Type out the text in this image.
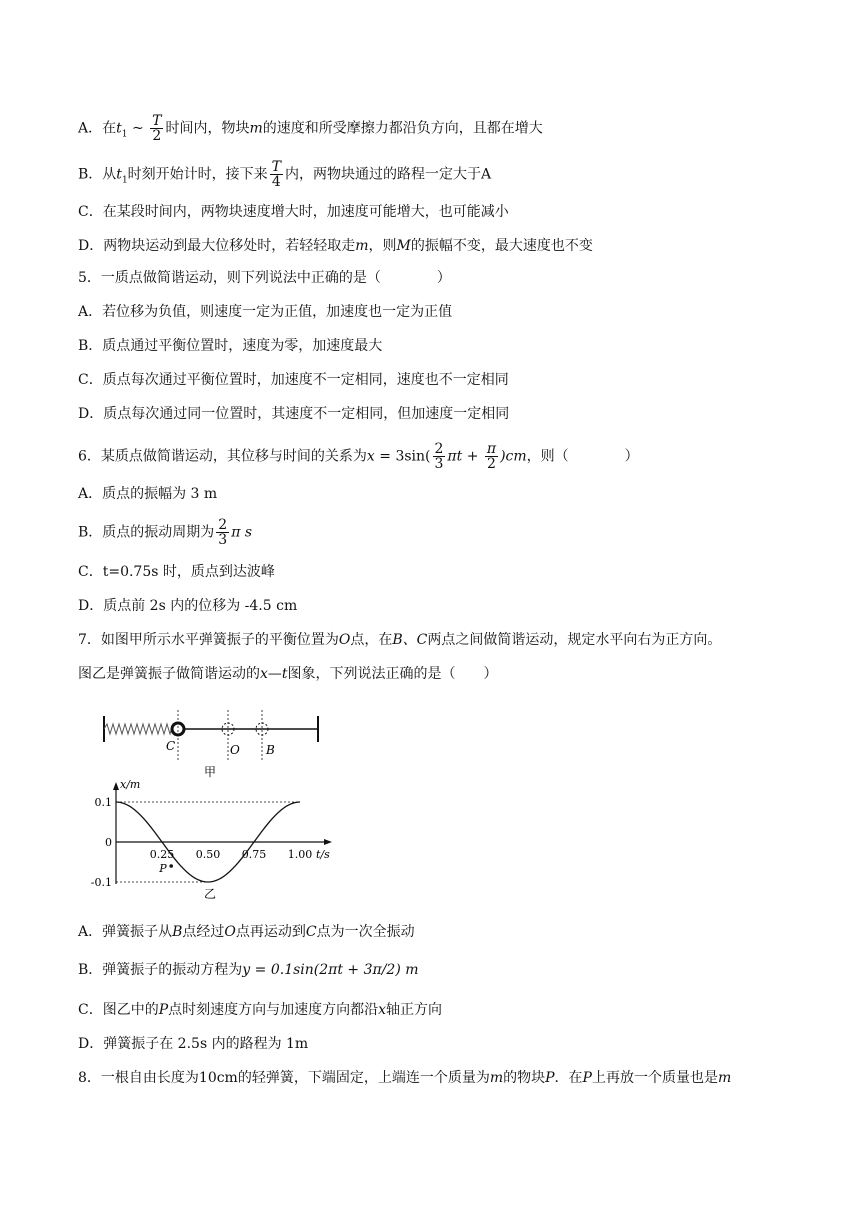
A．在$t_1$ ~ $\frac{T}{2}$ 时间内，物块m的速度和所受摩擦力都沿负方向，且都在增大
B．从$t_1$时刻开始计时，接下来 $\frac{T}{4}$ 内，两物块通过的路程一定大于A
C．在某段时间内，两物块速度增大时，加速度可能增大，也可能减小
D．两物块运动到最大位移处时，若轻轻取走m，则M的振幅不变，最大速度也不变
5．一质点做简谐运动，则下列说法中正确的是（　　　　）
A．若位移为负值，则速度一定为正值，加速度也一定为正值
B．质点通过平衡位置时，速度为零，加速度最大
C．质点每次通过平衡位置时，加速度不一定相同，速度也不一定相同
D．质点每次通过同一位置时，其速度不一定相同，但加速度一定相同
6．某质点做简谐运动，其位移与时间的关系为$x = 3\sin( \frac{2}{3}$ $\pi t + \frac{\pi}{2} )cm$，则（　　　　）
A．质点的振幅为 3 m
B．质点的振动周期为 $\frac{2}{3}$ π s
C．t=0.75s 时，质点到达波峰
D．质点前 2s 内的位移为 -4.5 cm
7．如图甲所示水平弹簧振子的平衡位置为O点，在B、C两点之间做简谐运动，规定水平向右为正方向。
图乙是弹簧振子做简谐运动的x—t图象，下列说法正确的是（　　）
C	O B
甲
x/m
t/s
0.1
0
-0.1
0.25 0.50 0.75 1.00
P
乙
A．弹簧振子从B点经过O点再运动到C点为一次全振动
B．弹簧振子的振动方程为y = 0.1sin(2πt + 3π/2) m
C．图乙中的P点时刻速度方向与加速度方向都沿x轴正方向
D．弹簧振子在 2.5s 内的路程为 1m
8．一根自由长度为10cm的轻弹簧，下端固定，上端连一个质量为m的物块P．在P上再放一个质量也是m
